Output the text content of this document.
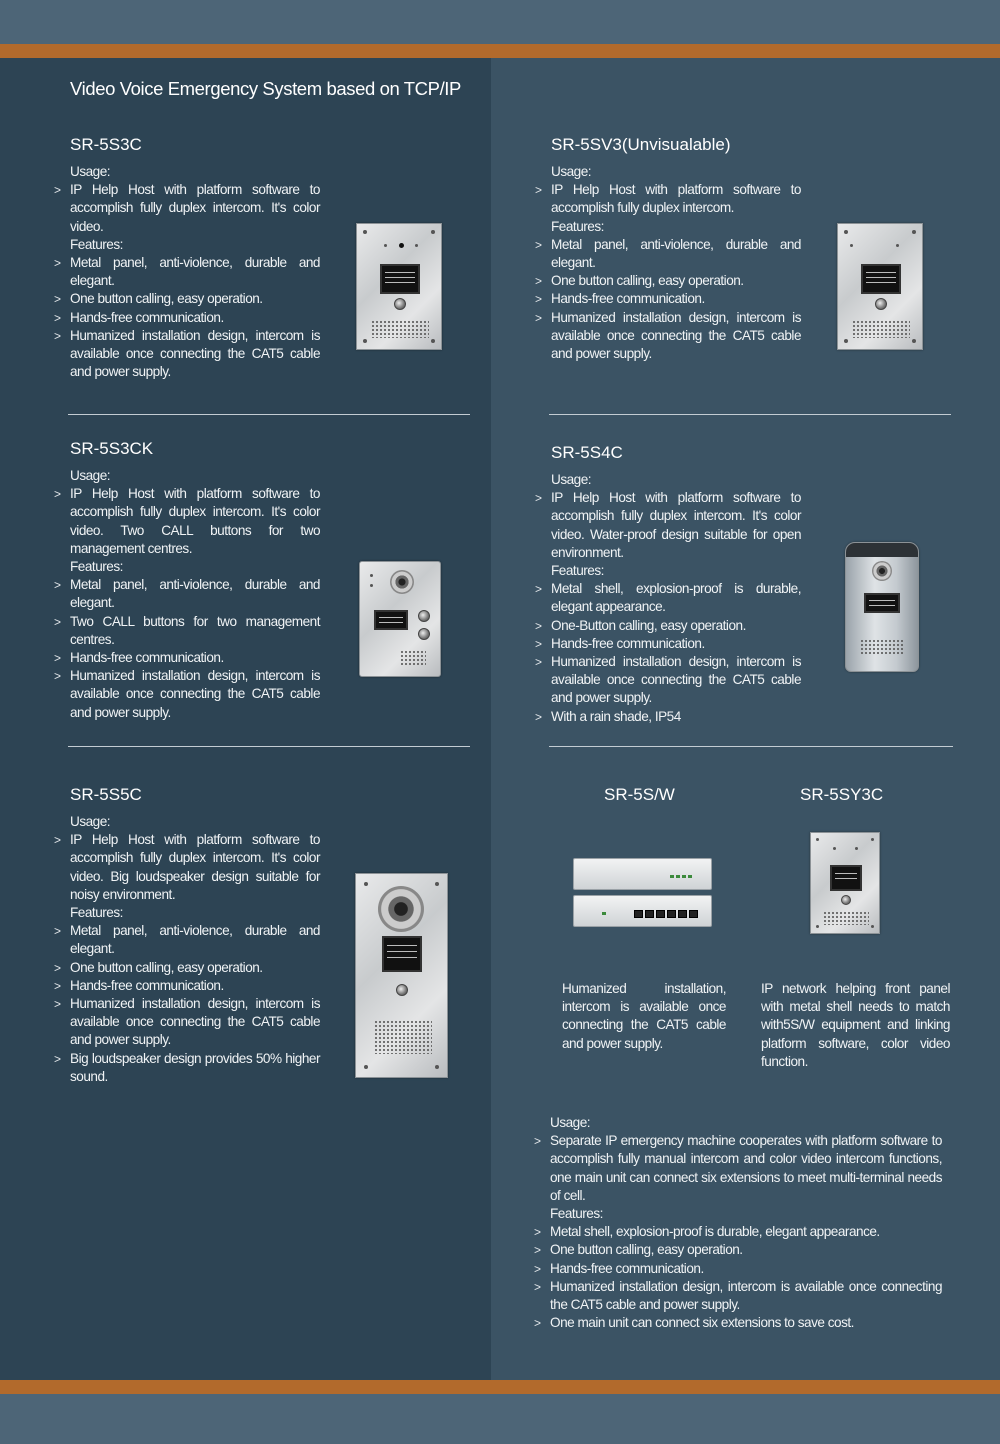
Video Voice Emergency System based on TCP/IP
SR-5S3C
Usage:
> IP Help Host with platform software to accomplish fully duplex intercom. It's color video.
Features:
> Metal panel, anti-violence, durable and elegant.
> One button calling, easy operation.
> Hands-free communication.
> Humanized installation design, intercom is available once connecting the CAT5 cable and power supply.
SR-5SV3(Unvisualable)
Usage:
> IP Help Host with platform software to accomplish fully duplex intercom.
Features:
> Metal panel, anti-violence, durable and elegant.
> One button calling, easy operation.
> Hands-free communication.
> Humanized installation design, intercom is available once connecting the CAT5 cable and power supply.
SR-5S3CK
Usage:
> IP Help Host with platform software to accomplish fully duplex intercom. It's color video. Two CALL buttons for two management centres.
Features:
> Metal panel, anti-violence, durable and elegant.
> Two CALL buttons for two management centres.
> Hands-free communication.
> Humanized installation design, intercom is available once connecting the CAT5 cable and power supply.
SR-5S4C
Usage:
> IP Help Host with platform software to accomplish fully duplex intercom. It's color video. Water-proof design suitable for open environment.
Features:
> Metal shell, explosion-proof is durable, elegant appearance.
> One-Button calling, easy operation.
> Hands-free communication.
> Humanized installation design, intercom is available once connecting the CAT5 cable and power supply.
> With a rain shade, IP54
SR-5S5C
Usage:
> IP Help Host with platform software to accomplish fully duplex intercom. It's color video. Big loudspeaker design suitable for noisy environment.
Features:
> Metal panel, anti-violence, durable and elegant.
> One button calling, easy operation.
> Hands-free communication.
> Humanized installation design, intercom is available once connecting the CAT5 cable and power supply.
> Big loudspeaker design provides 50% higher sound.
SR-5S/W
Humanized installation, intercom is available once connecting the CAT5 cable and power supply.
SR-5SY3C
IP network helping front panel with metal shell needs to match with5S/W equipment and linking platform software, color video function.
Usage:
> Separate IP emergency machine cooperates with platform software to accomplish fully manual intercom and color video intercom functions, one main unit can connect six extensions to meet multi-terminal needs of cell.
Features:
> Metal shell, explosion-proof is durable, elegant appearance.
> One button calling, easy operation.
> Hands-free communication.
> Humanized installation design, intercom is available once connecting the CAT5 cable and power supply.
> One main unit can connect six extensions to save cost.
